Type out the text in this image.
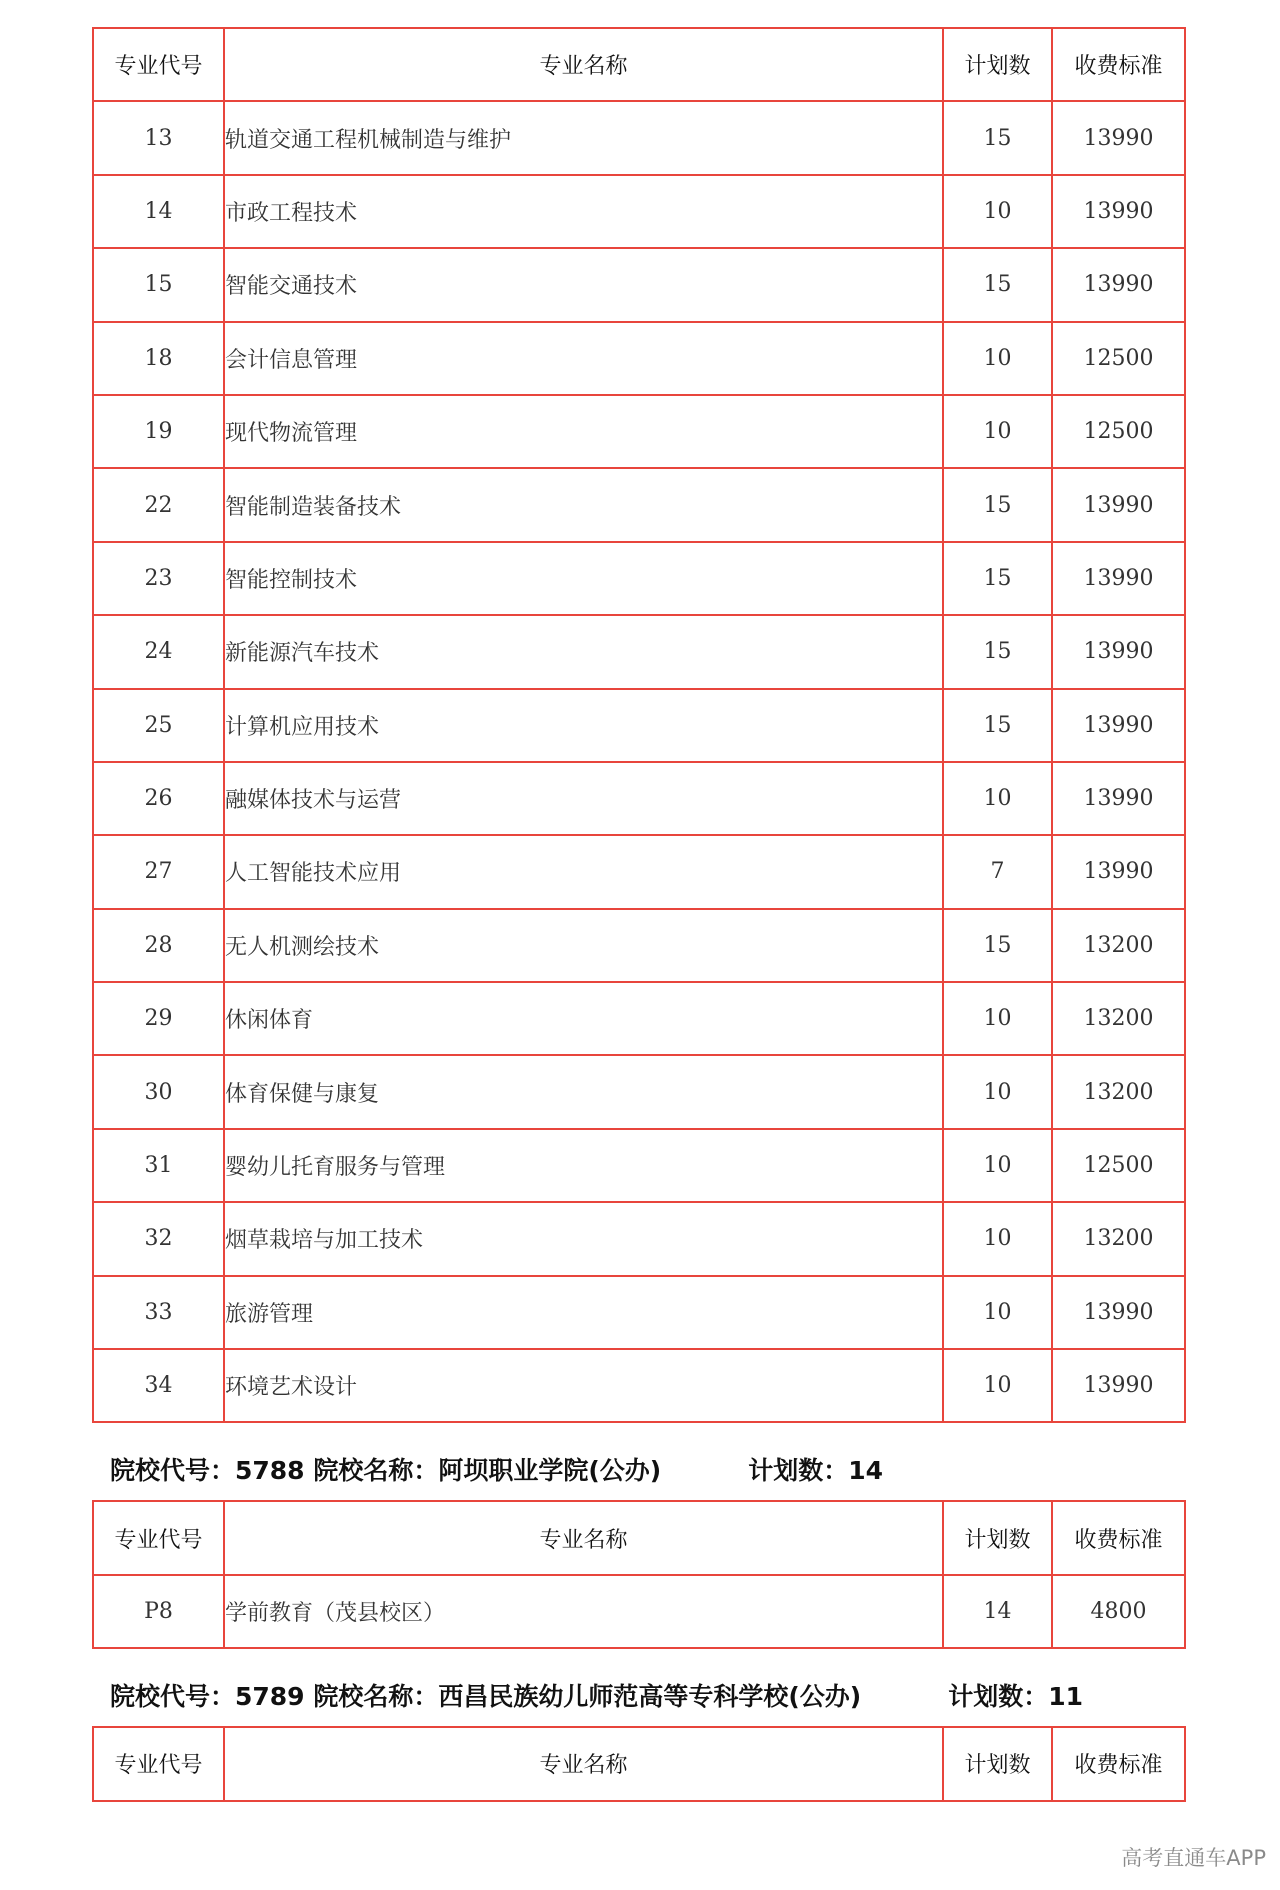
专业代号	专业名称	计划数	收费标准
13	轨道交通工程机械制造与维护	15	13990
14	市政工程技术	10	13990
15	智能交通技术	15	13990
18	会计信息管理	10	12500
19	现代物流管理	10	12500
22	智能制造装备技术	15	13990
23	智能控制技术	15	13990
24	新能源汽车技术	15	13990
25	计算机应用技术	15	13990
26	融媒体技术与运营	10	13990
27	人工智能技术应用	7	13990
28	无人机测绘技术	15	13200
29	休闲体育	10	13200
30	体育保健与康复	10	13200
31	婴幼儿托育服务与管理	10	12500
32	烟草栽培与加工技术	10	13200
33	旅游管理	10	13990
34	环境艺术设计	10	13990
院校代号：5788 院校名称：阿坝职业学院(公办)	计划数：14
专业代号	专业名称	计划数	收费标准
P8	学前教育（茂县校区）	14	4800
院校代号：5789 院校名称：西昌民族幼儿师范高等专科学校(公办)	计划数：11
专业代号	专业名称	计划数	收费标准
高考直通车APP
